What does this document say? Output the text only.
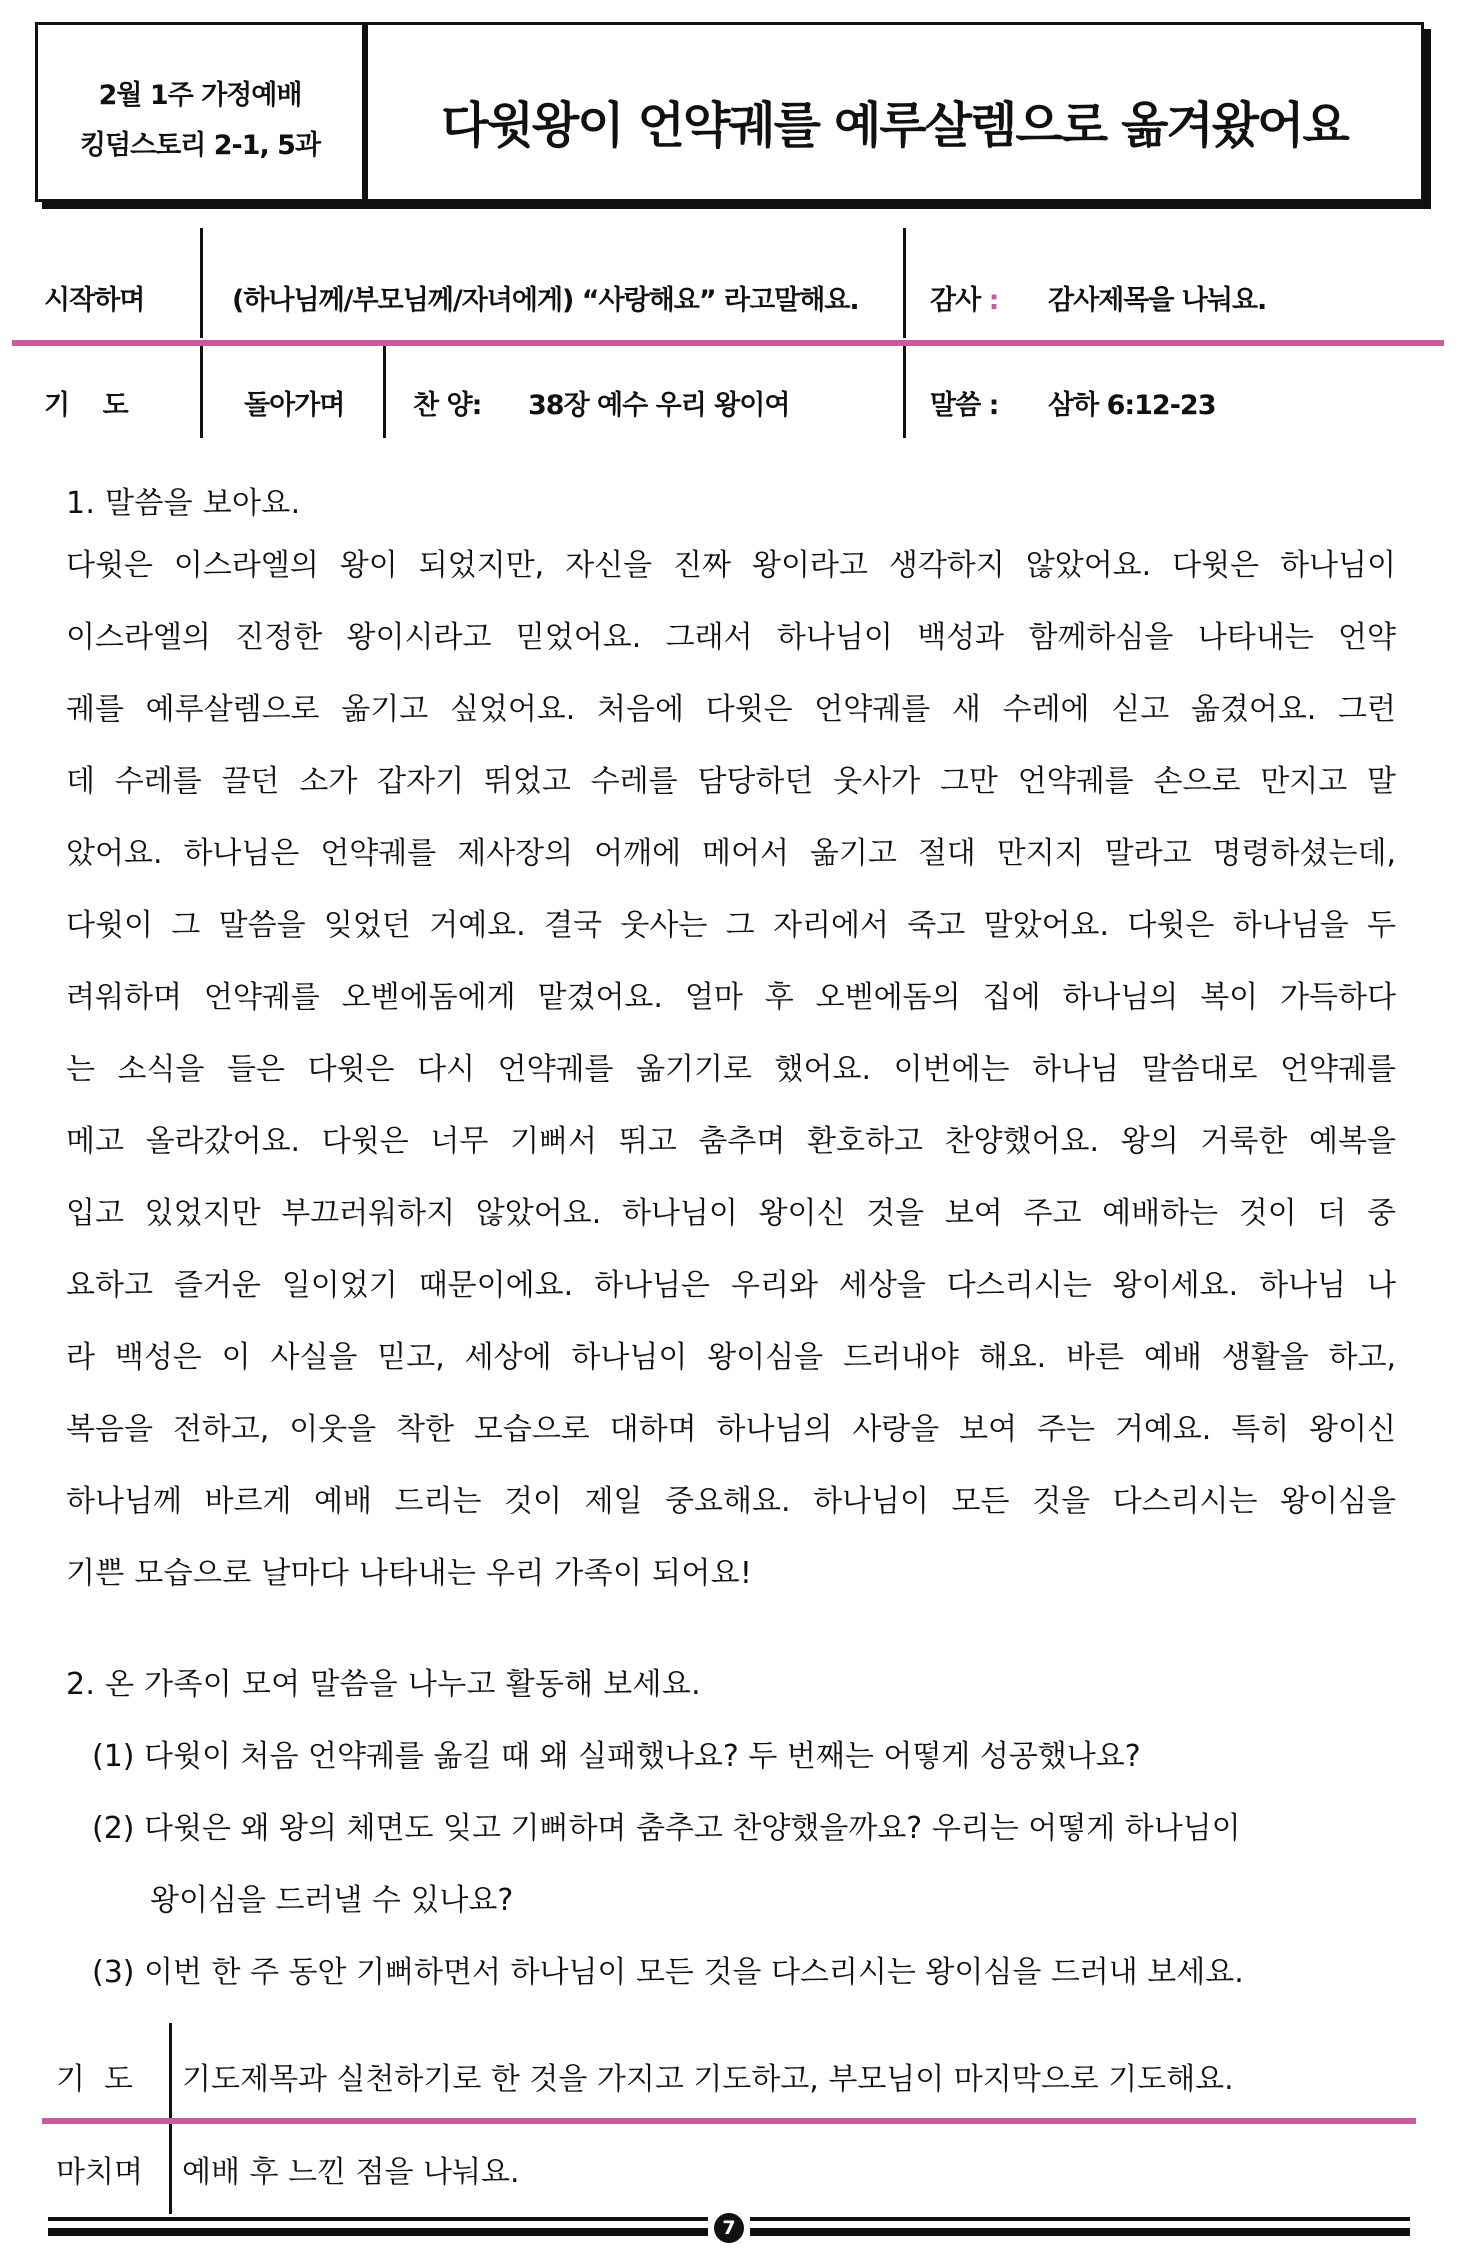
2월 1주 가정예배
킹덤스토리 2-1, 5과	다윗왕이 언약궤를 예루살렘으로 옮겨왔어요
시작하며	(하나님께/부모님께/자녀에게) “사랑해요” 라고말해요.	감사 : 감사제목을 나눠요.
기    도	돌아가며	찬 양: 38장 예수 우리 왕이여	말씀 : 삼하 6:12-23
1. 말씀을 보아요.
다윗은 이스라엘의 왕이 되었지만, 자신을 진짜 왕이라고 생각하지 않았어요. 다윗은 하나님이
이스라엘의 진정한 왕이시라고 믿었어요. 그래서 하나님이 백성과 함께하심을 나타내는 언약
궤를 예루살렘으로 옮기고 싶었어요. 처음에 다윗은 언약궤를 새 수레에 싣고 옮겼어요. 그런
데 수레를 끌던 소가 갑자기 뛰었고 수레를 담당하던 웃사가 그만 언약궤를 손으로 만지고 말
았어요. 하나님은 언약궤를 제사장의 어깨에 메어서 옮기고 절대 만지지 말라고 명령하셨는데,
다윗이 그 말씀을 잊었던 거예요. 결국 웃사는 그 자리에서 죽고 말았어요. 다윗은 하나님을 두
려워하며 언약궤를 오벧에돔에게 맡겼어요. 얼마 후 오벧에돔의 집에 하나님의 복이 가득하다
는 소식을 들은 다윗은 다시 언약궤를 옮기기로 했어요. 이번에는 하나님 말씀대로 언약궤를
메고 올라갔어요. 다윗은 너무 기뻐서 뛰고 춤추며 환호하고 찬양했어요. 왕의 거룩한 예복을
입고 있었지만 부끄러워하지 않았어요. 하나님이 왕이신 것을 보여 주고 예배하는 것이 더 중
요하고 즐거운 일이었기 때문이에요. 하나님은 우리와 세상을 다스리시는 왕이세요. 하나님 나
라 백성은 이 사실을 믿고, 세상에 하나님이 왕이심을 드러내야 해요. 바른 예배 생활을 하고,
복음을 전하고, 이웃을 착한 모습으로 대하며 하나님의 사랑을 보여 주는 거예요. 특히 왕이신
하나님께 바르게 예배 드리는 것이 제일 중요해요. 하나님이 모든 것을 다스리시는 왕이심을
기쁜 모습으로 날마다 나타내는 우리 가족이 되어요!
2. 온 가족이 모여 말씀을 나누고 활동해 보세요.
(1) 다윗이 처음 언약궤를 옮길 때 왜 실패했나요? 두 번째는 어떻게 성공했나요?
(2) 다윗은 왜 왕의 체면도 잊고 기뻐하며 춤추고 찬양했을까요? 우리는 어떻게 하나님이
왕이심을 드러낼 수 있나요?
(3) 이번 한 주 동안 기뻐하면서 하나님이 모든 것을 다스리시는 왕이심을 드러내 보세요.
기  도 기도제목과 실천하기로 한 것을 가지고 기도하고, 부모님이 마지막으로 기도해요.
마치며 예배 후 느낀 점을 나눠요.
7
